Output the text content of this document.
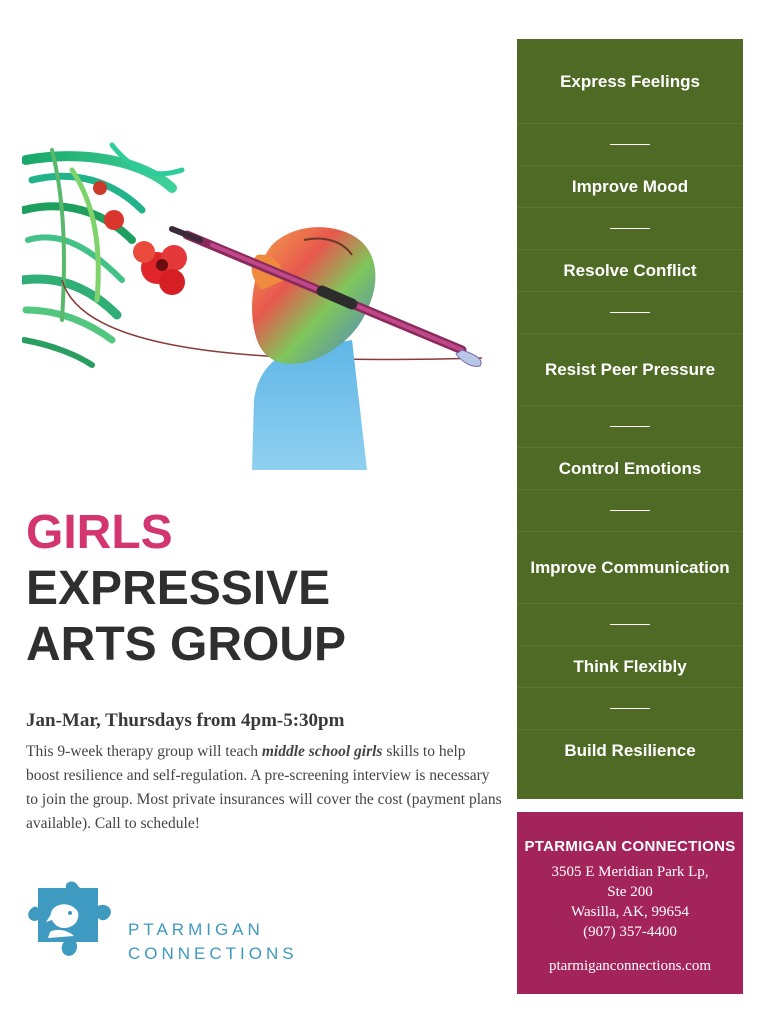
GIRLS
EXPRESSIVE
ARTS GROUP
Jan-Mar, Thursdays from 4pm-5:30pm
This 9-week therapy group will teach middle school girls skills to help boost resilience and self-regulation. A pre-screening interview is necessary to join the group. Most private insurances will cover the cost (payment plans available). Call to schedule!
PTARMIGAN
CONNECTIONS
Express Feelings
Improve Mood
Resolve Conflict
Resist Peer Pressure
Control Emotions
Improve Communication
Think Flexibly
Build Resilience
PTARMIGAN CONNECTIONS
3505 E Meridian Park Lp,
Ste 200
Wasilla, AK, 99654
(907) 357-4400
ptarmiganconnections.com
